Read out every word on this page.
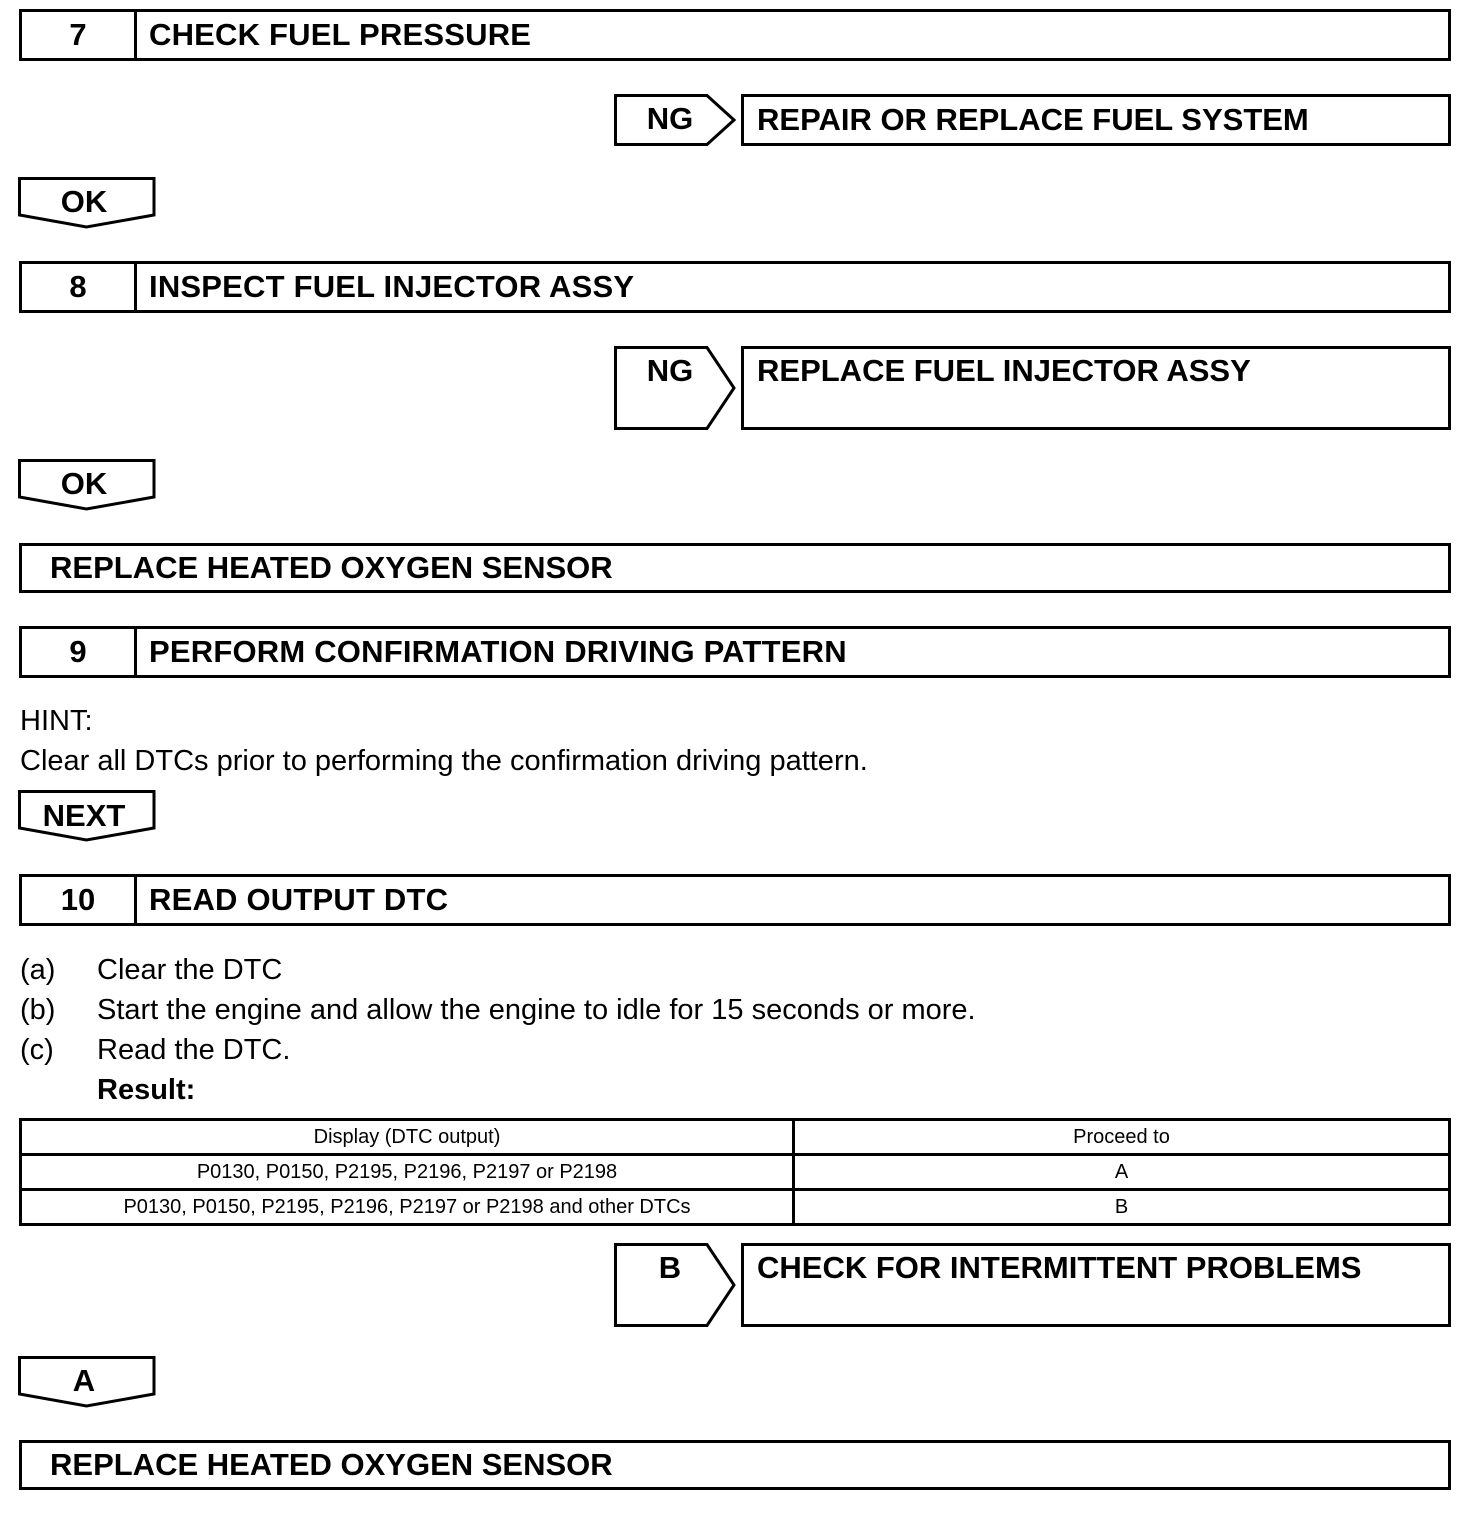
7	CHECK FUEL PRESSURE
NG	REPAIR OR REPLACE FUEL SYSTEM
OK
8	INSPECT FUEL INJECTOR ASSY
NG	REPLACE FUEL INJECTOR ASSY
OK
REPLACE HEATED OXYGEN SENSOR
9	PERFORM CONFIRMATION DRIVING PATTERN
HINT:
Clear all DTCs prior to performing the confirmation driving pattern.
NEXT
10	READ OUTPUT DTC
(a) Clear the DTC
(b) Start the engine and allow the engine to idle for 15 seconds or more.
(c) Read the DTC.
Result:
Display (DTC output)	Proceed to
P0130, P0150, P2195, P2196, P2197 or P2198	A
P0130, P0150, P2195, P2196, P2197 or P2198 and other DTCs	B
B	CHECK FOR INTERMITTENT PROBLEMS
A
REPLACE HEATED OXYGEN SENSOR
